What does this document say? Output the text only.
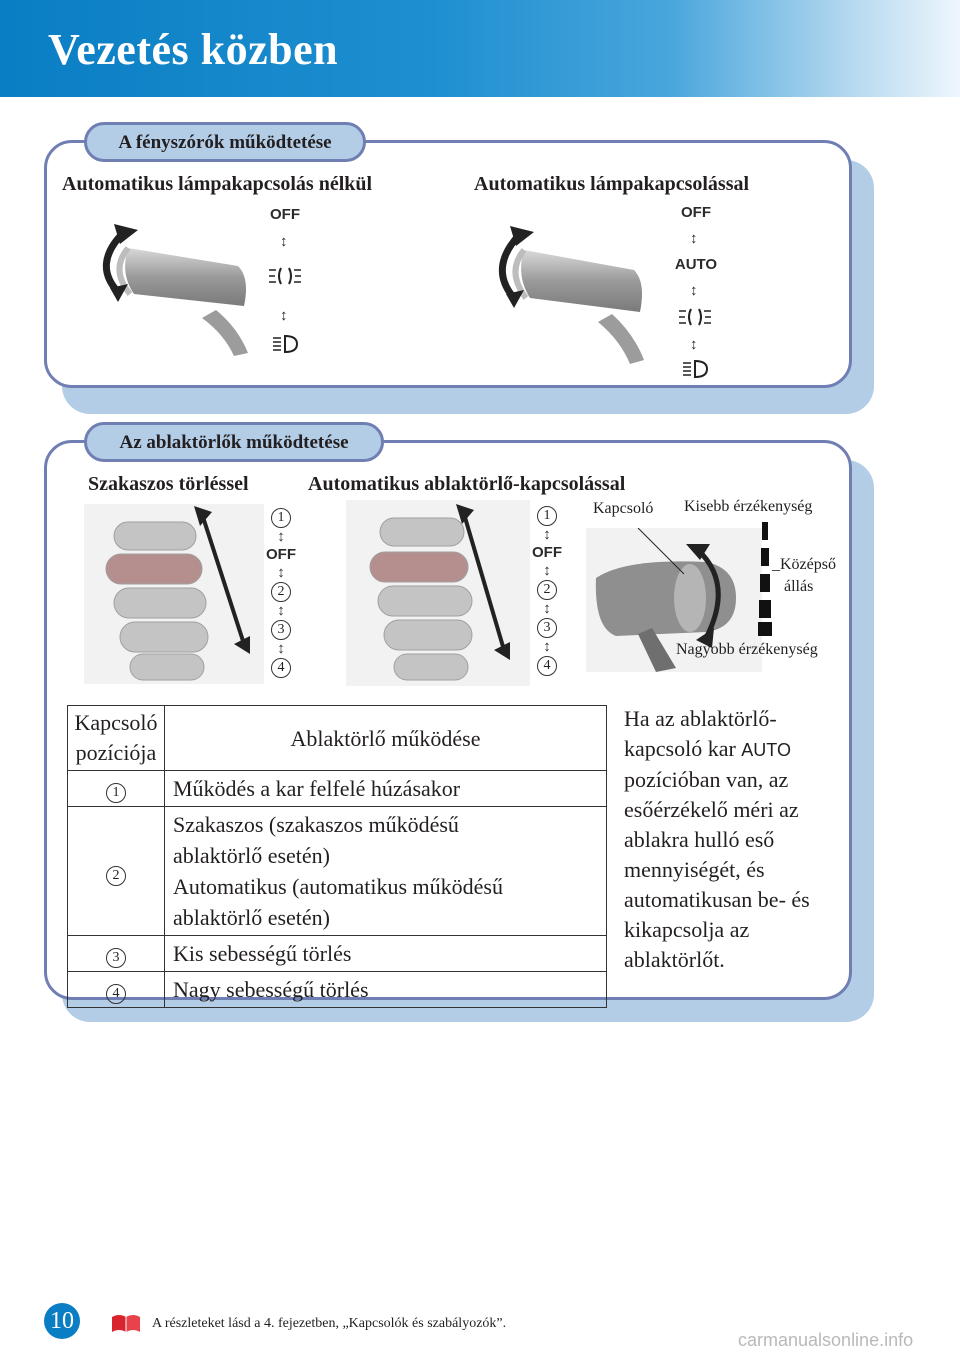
Vezetés közben
A fényszórók működtetése
Automatikus lámpakapcsolás nélkül	Automatikus lámpakapcsolással
OFF
↕
↕
OFF
↕
AUTO
↕
↕
Az ablaktörlők működtetése
Szakaszos törléssel	Automatikus ablaktörlő-kapcsolással
1
↕
OFF
↕
2
↕
3
↕
4
1
↕
OFF
↕
2
↕
3
↕
4
Kapcsoló Kisebb érzékenység
_Középső
állás
Nagyobb érzékenység
Kapcsoló
pozíciója	Ablaktörlő működése
1	Működés a kar felfelé húzásakor
2	Szakaszos (szakaszos működésű
ablaktörlő esetén)
Automatikus (automatikus működésű
ablaktörlő esetén)

3	Kis sebességű törlés
4	Nagy sebességű törlés
Ha az ablaktörlő-kapcsoló kar AUTO pozícióban van, az esőérzékelő méri az ablakra hulló eső mennyiségét, és automatikusan be- és kikapcsolja az ablaktörlőt.
10	A részleteket lásd a 4. fejezetben, „Kapcsolók és szabályozók”.
carmanualsonline.info
